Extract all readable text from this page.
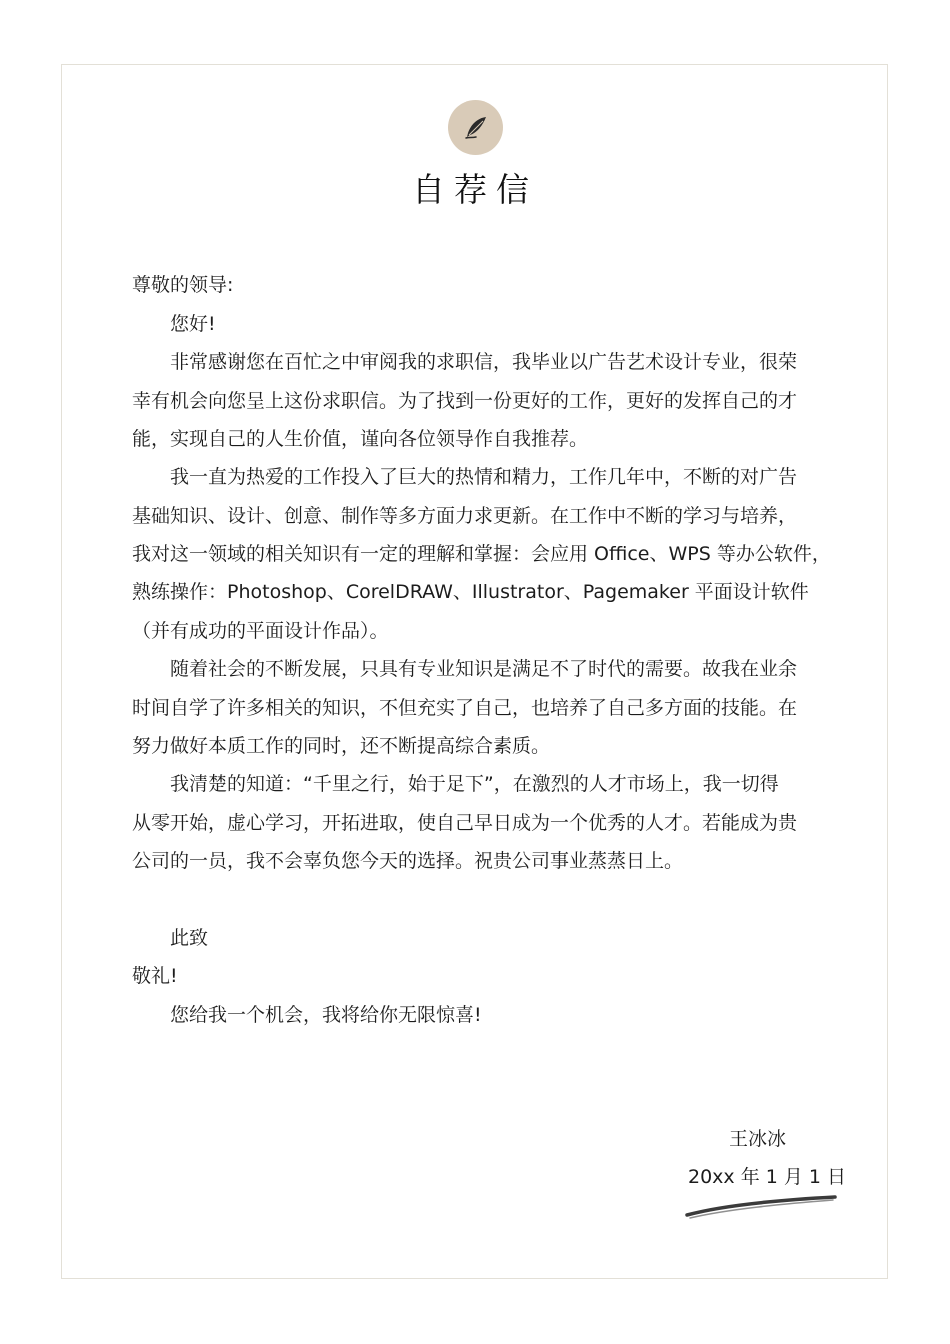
自荐信
尊敬的领导:
您好!
非常感谢您在百忙之中审阅我的求职信，我毕业以广告艺术设计专业，很荣
幸有机会向您呈上这份求职信。为了找到一份更好的工作，更好的发挥自己的才
能，实现自己的人生价值，谨向各位领导作自我推荐。
我一直为热爱的工作投入了巨大的热情和精力，工作几年中，不断的对广告
基础知识、设计、创意、制作等多方面力求更新。在工作中不断的学习与培养，
我对这一领域的相关知识有一定的理解和掌握：会应用 Office、WPS 等办公软件，
熟练操作：Photoshop、CorelDRAW、Illustrator、Pagemaker 平面设计软件
（并有成功的平面设计作品）。
随着社会的不断发展，只具有专业知识是满足不了时代的需要。故我在业余
时间自学了许多相关的知识，不但充实了自己，也培养了自己多方面的技能。在
努力做好本质工作的同时，还不断提高综合素质。
我清楚的知道：“千里之行，始于足下”，在激烈的人才市场上，我一切得
从零开始，虚心学习，开拓进取，使自己早日成为一个优秀的人才。若能成为贵
公司的一员，我不会辜负您今天的选择。祝贵公司事业蒸蒸日上。
此致
敬礼!
您给我一个机会，我将给你无限惊喜!
王冰冰
20xx 年 1 月 1 日
